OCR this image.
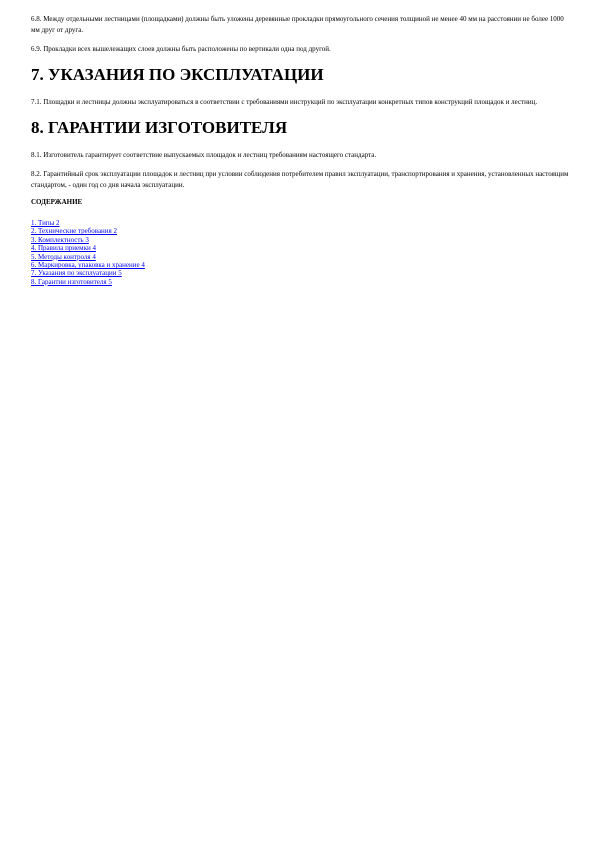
6.8. Между отдельными лестницами (площадками) должны быть уложены деревянные прокладки прямоугольного сечения толщиной не менее 40 мм на расстоянии не более 1000 мм друг от друга.

6.9. Прокладки всех вышележащих слоев должны быть расположены по вертикали одна под другой.

7. УКАЗАНИЯ ПО ЭКСПЛУАТАЦИИ

7.1. Площадки и лестницы должны эксплуатироваться в соответствии с требованиями инструкций по эксплуатации конкретных типов конструкций площадок и лестниц.

8. ГАРАНТИИ ИЗГОТОВИТЕЛЯ

8.1. Изготовитель гарантирует соответствие выпускаемых площадок и лестниц требованиям настоящего стандарта.

8.2. Гарантийный срок эксплуатации площадок и лестниц при условии соблюдения потребителем правил эксплуатации, транспортирования и хранения, установленных настоящим стандартом, - один год со дня начала эксплуатации.

СОДЕРЖАНИЕ
1. Типы 2
2. Технические требования 2
3. Комплектность 3
4. Правила приемки 4
5. Методы контроля 4
6. Маркировка, упаковка и хранение 4
7. Указания по эксплуатации 5
8. Гарантии изготовителя 5
